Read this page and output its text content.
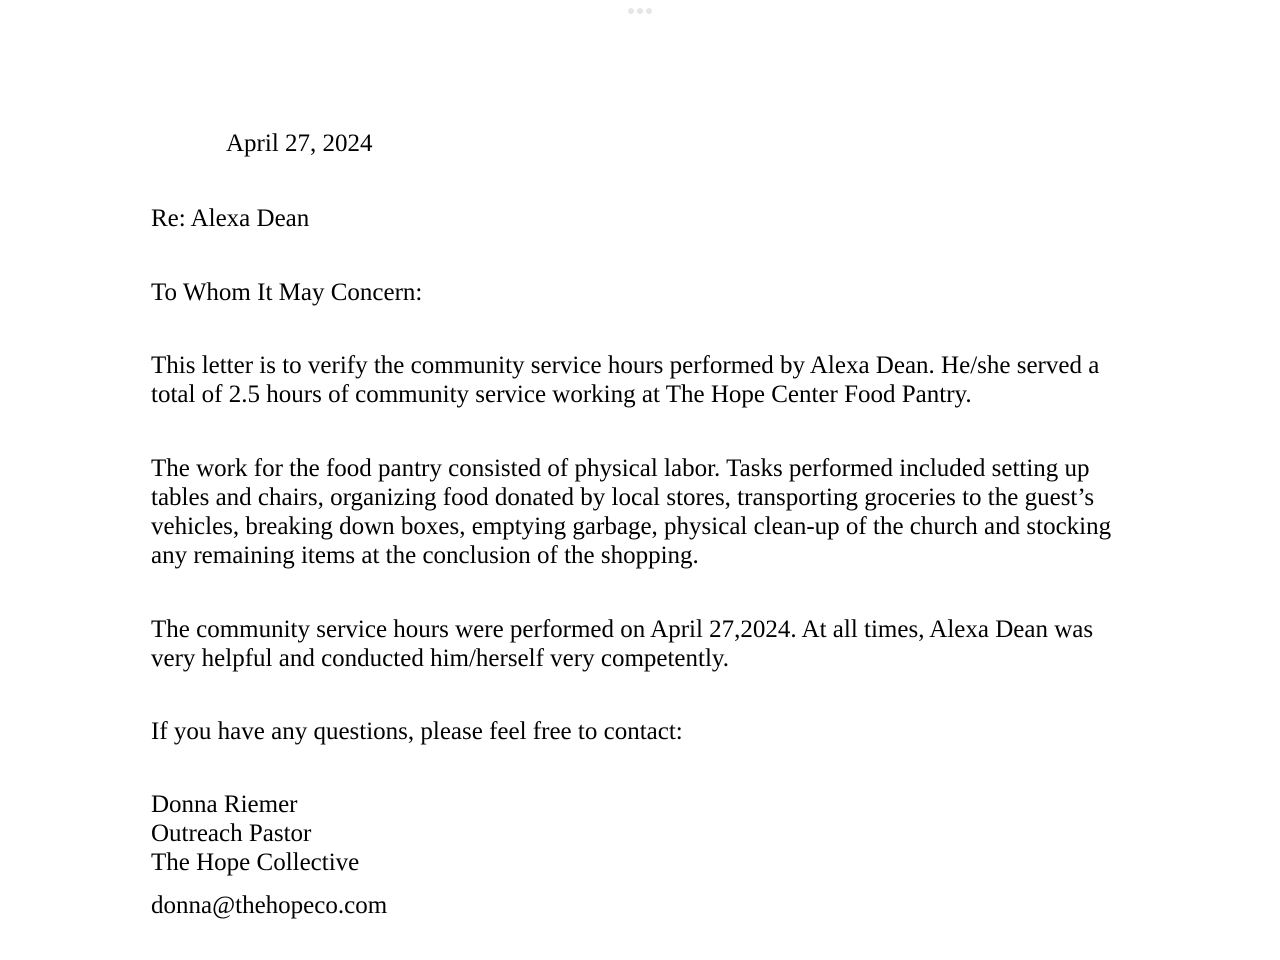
April 27, 2024
Re: Alexa Dean
To Whom It May Concern:
This letter is to verify the community service hours performed by Alexa Dean. He/she served a
total of 2.5 hours of community service working at The Hope Center Food Pantry.
The work for the food pantry consisted of physical labor. Tasks performed included setting up
tables and chairs, organizing food donated by local stores, transporting groceries to the guest’s
vehicles, breaking down boxes, emptying garbage, physical clean-up of the church and stocking
any remaining items at the conclusion of the shopping.
The community service hours were performed on April 27,2024. At all times, Alexa Dean was
very helpful and conducted him/herself very competently.
If you have any questions, please feel free to contact:
Donna Riemer
Outreach Pastor
The Hope Collective
donna@thehopeco.com
